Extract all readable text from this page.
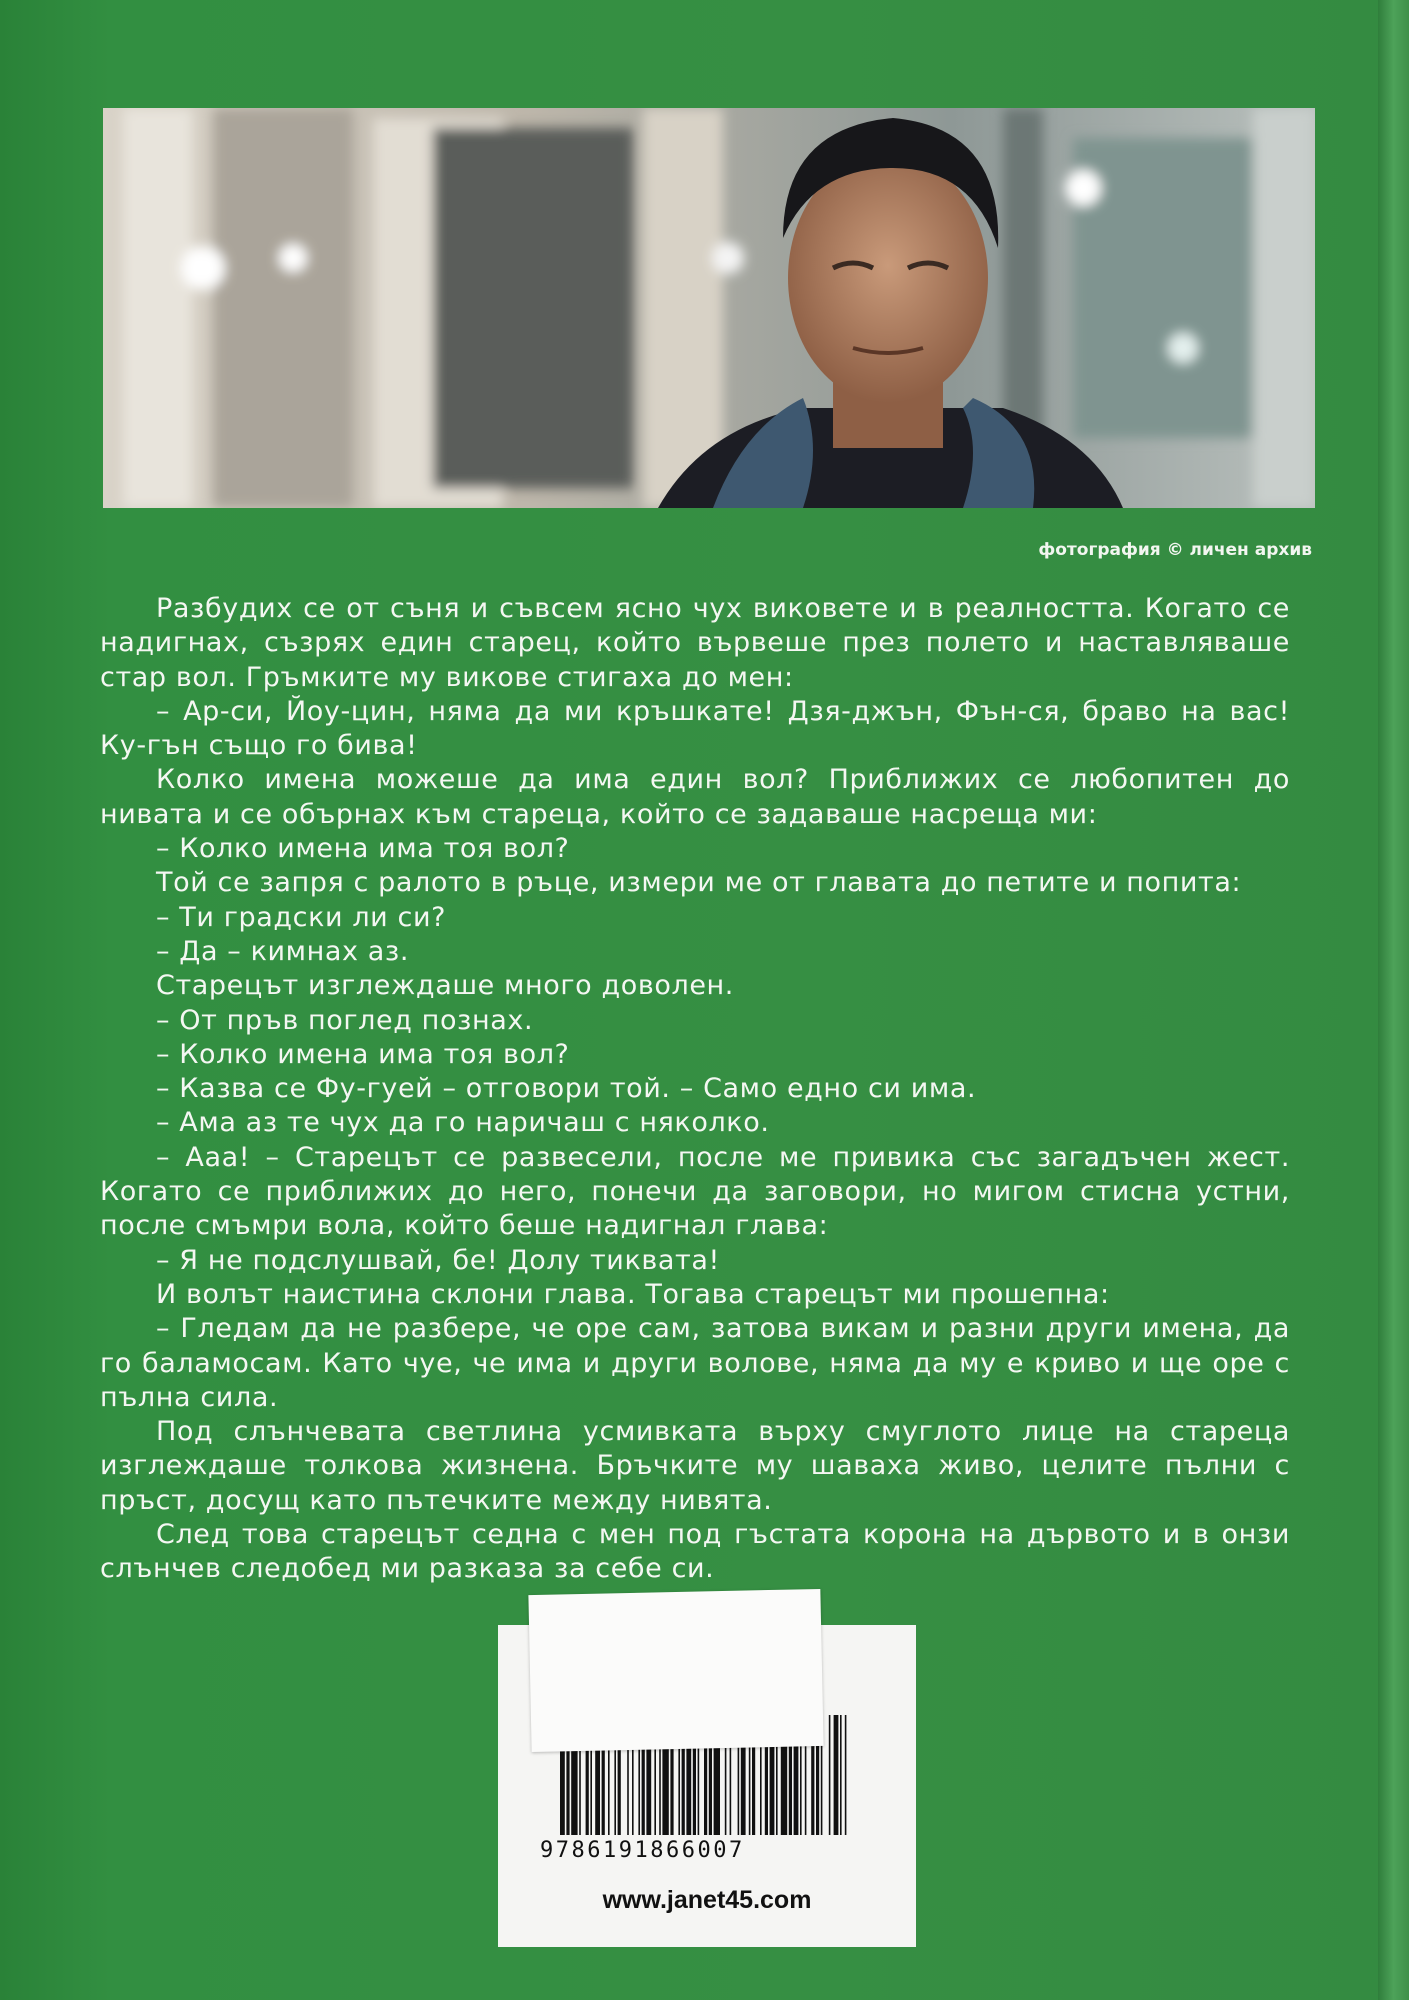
фотография © личен архив

Разбудих се от съня и съвсем ясно чух виковете и в реалността. Когато се надигнах, съзрях един старец, който вървеше през полето и наставляваше стар вол. Гръмките му викове стигаха до мен:

– Ар-си, Йоу-цин, няма да ми кръшкате! Дзя-джън, Фън-ся, браво на вас! Ку-гън също го бива!

Колко имена можеше да има един вол? Приближих се любопитен до нивата и се обърнах към стареца, който се задаваше насреща ми:

– Колко имена има тоя вол?

Той се запря с ралото в ръце, измери ме от главата до петите и попита:

– Ти градски ли си?

– Да – кимнах аз.

Старецът изглеждаше много доволен.

– От пръв поглед познах.

– Колко имена има тоя вол?

– Казва се Фу-гуей – отговори той. – Само едно си има.

– Ама аз те чух да го наричаш с няколко.

– Ааа! – Старецът се развесели, после ме привика със загадъчен жест. Когато се приближих до него, понечи да заговори, но мигом стисна устни, после смъмри вола, който беше надигнал глава:

– Я не подслушвай, бе! Долу тиквата!

И волът наистина склони глава. Тогава старецът ми прошепна:

– Гледам да не разбере, че оре сам, затова викам и разни други имена, да го баламосам. Като чуе, че има и други волове, няма да му е криво и ще оре с пълна сила.

Под слънчевата светлина усмивката върху смуглото лице на стареца изглеждаше толкова жизнена. Бръчките му шаваха живо, целите пълни с пръст, досущ като пътечките между нивята.

След това старецът седна с мен под гъстата корона на дървото и в онзи слънчев следобед ми разказа за себе си.

9786191866007
www.janet45.com
